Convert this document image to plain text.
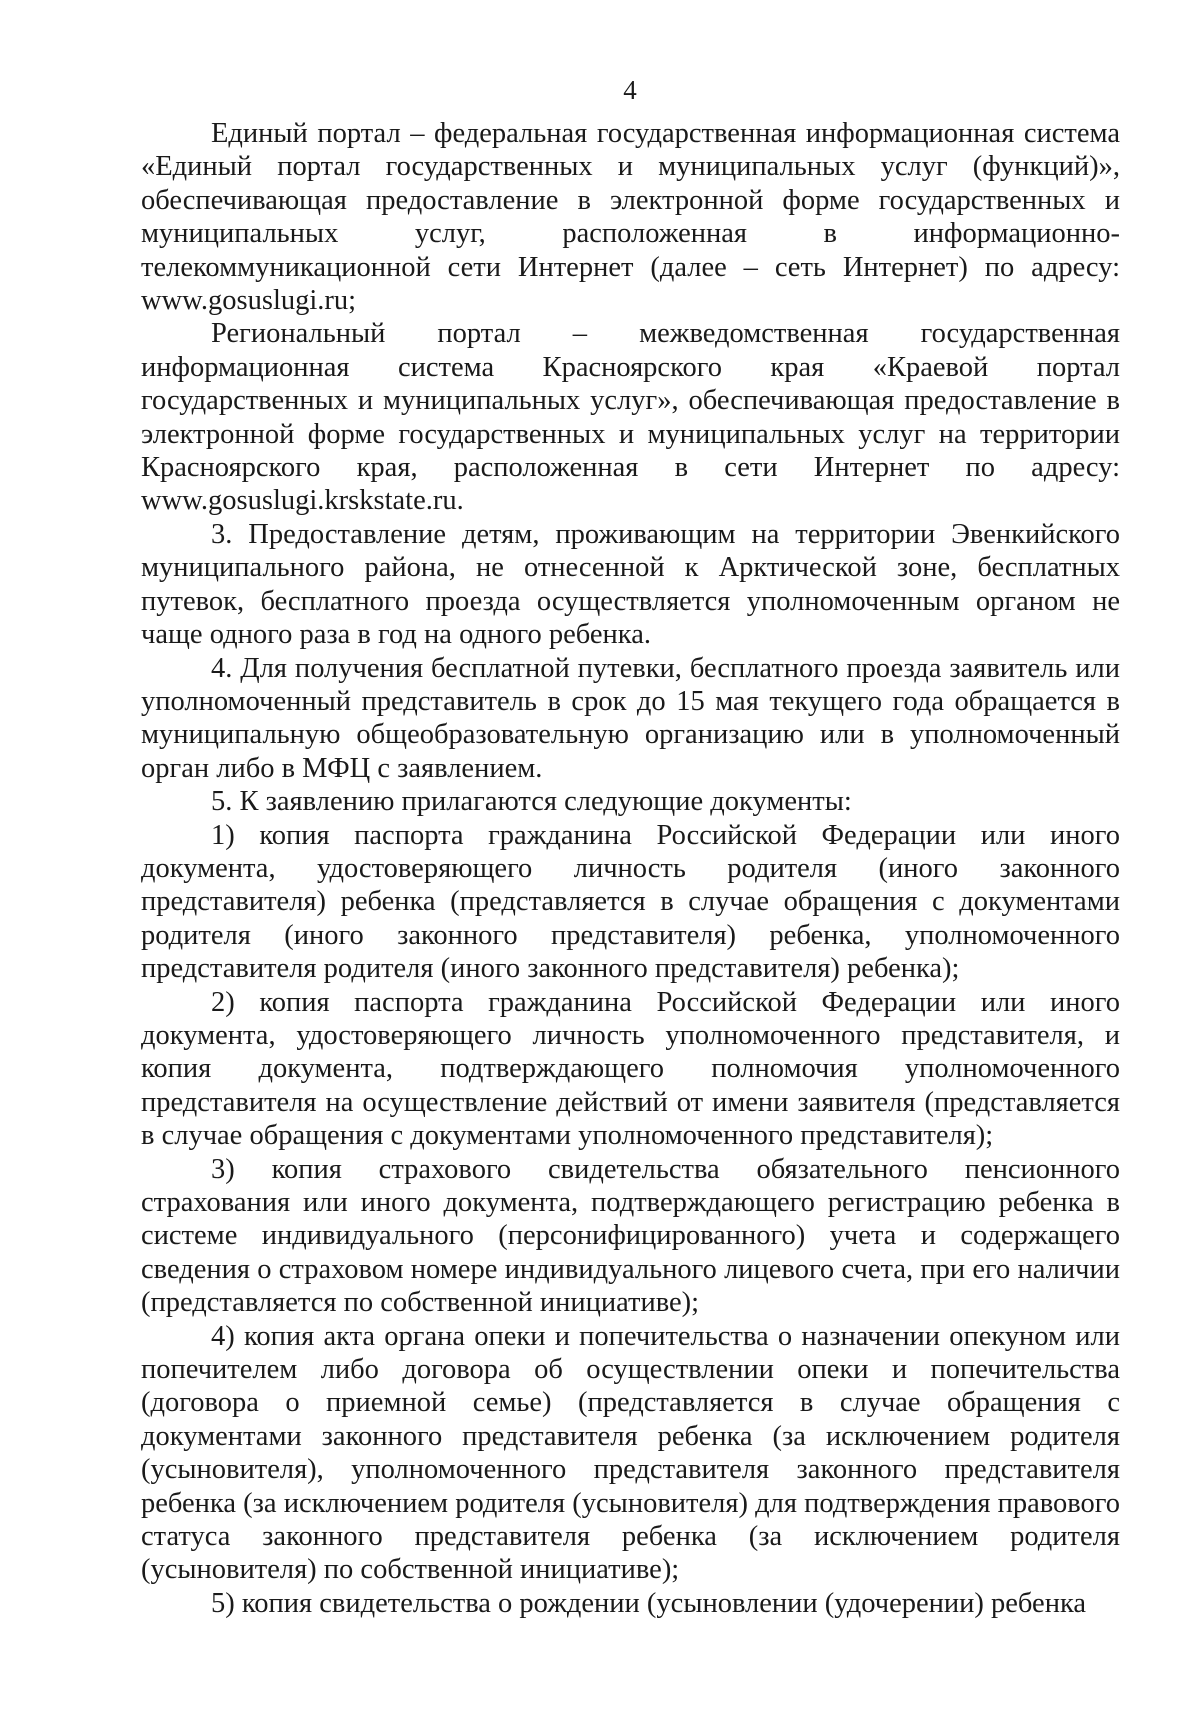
4

Единый портал – федеральная государственная информационная система «Единый портал государственных и муниципальных услуг (функций)», обеспечивающая предоставление в электронной форме государственных и муниципальных услуг, расположенная в информационно-телекоммуникационной сети Интернет (далее – сеть Интернет) по адресу: www.gosuslugi.ru;

Региональный портал – межведомственная государственная информационная система Красноярского края «Краевой портал государственных и муниципальных услуг», обеспечивающая предоставление в электронной форме государственных и муниципальных услуг на территории Красноярского края, расположенная в сети Интернет по адресу: www.gosuslugi.krskstate.ru.

3. Предоставление детям, проживающим на территории Эвенкийского муниципального района, не отнесенной к Арктической зоне, бесплатных путевок, бесплатного проезда осуществляется уполномоченным органом не чаще одного раза в год на одного ребенка.

4. Для получения бесплатной путевки, бесплатного проезда заявитель или уполномоченный представитель в срок до 15 мая текущего года обращается в муниципальную общеобразовательную организацию или в уполномоченный орган либо в МФЦ с заявлением.

5. К заявлению прилагаются следующие документы:

1) копия паспорта гражданина Российской Федерации или иного документа, удостоверяющего личность родителя (иного законного представителя) ребенка (представляется в случае обращения с документами родителя (иного законного представителя) ребенка, уполномоченного представителя родителя (иного законного представителя) ребенка);

2) копия паспорта гражданина Российской Федерации или иного документа, удостоверяющего личность уполномоченного представителя, и копия документа, подтверждающего полномочия уполномоченного представителя на осуществление действий от имени заявителя (представляется в случае обращения с документами уполномоченного представителя);

3) копия страхового свидетельства обязательного пенсионного страхования или иного документа, подтверждающего регистрацию ребенка в системе индивидуального (персонифицированного) учета и содержащего сведения о страховом номере индивидуального лицевого счета, при его наличии (представляется по собственной инициативе);

4) копия акта органа опеки и попечительства о назначении опекуном или попечителем либо договора об осуществлении опеки и попечительства (договора о приемной семье) (представляется в случае обращения с документами законного представителя ребенка (за исключением родителя (усыновителя), уполномоченного представителя законного представителя ребенка (за исключением родителя (усыновителя) для подтверждения правового статуса законного представителя ребенка (за исключением родителя (усыновителя) по собственной инициативе);

5) копия свидетельства о рождении (усыновлении (удочерении) ребенка
